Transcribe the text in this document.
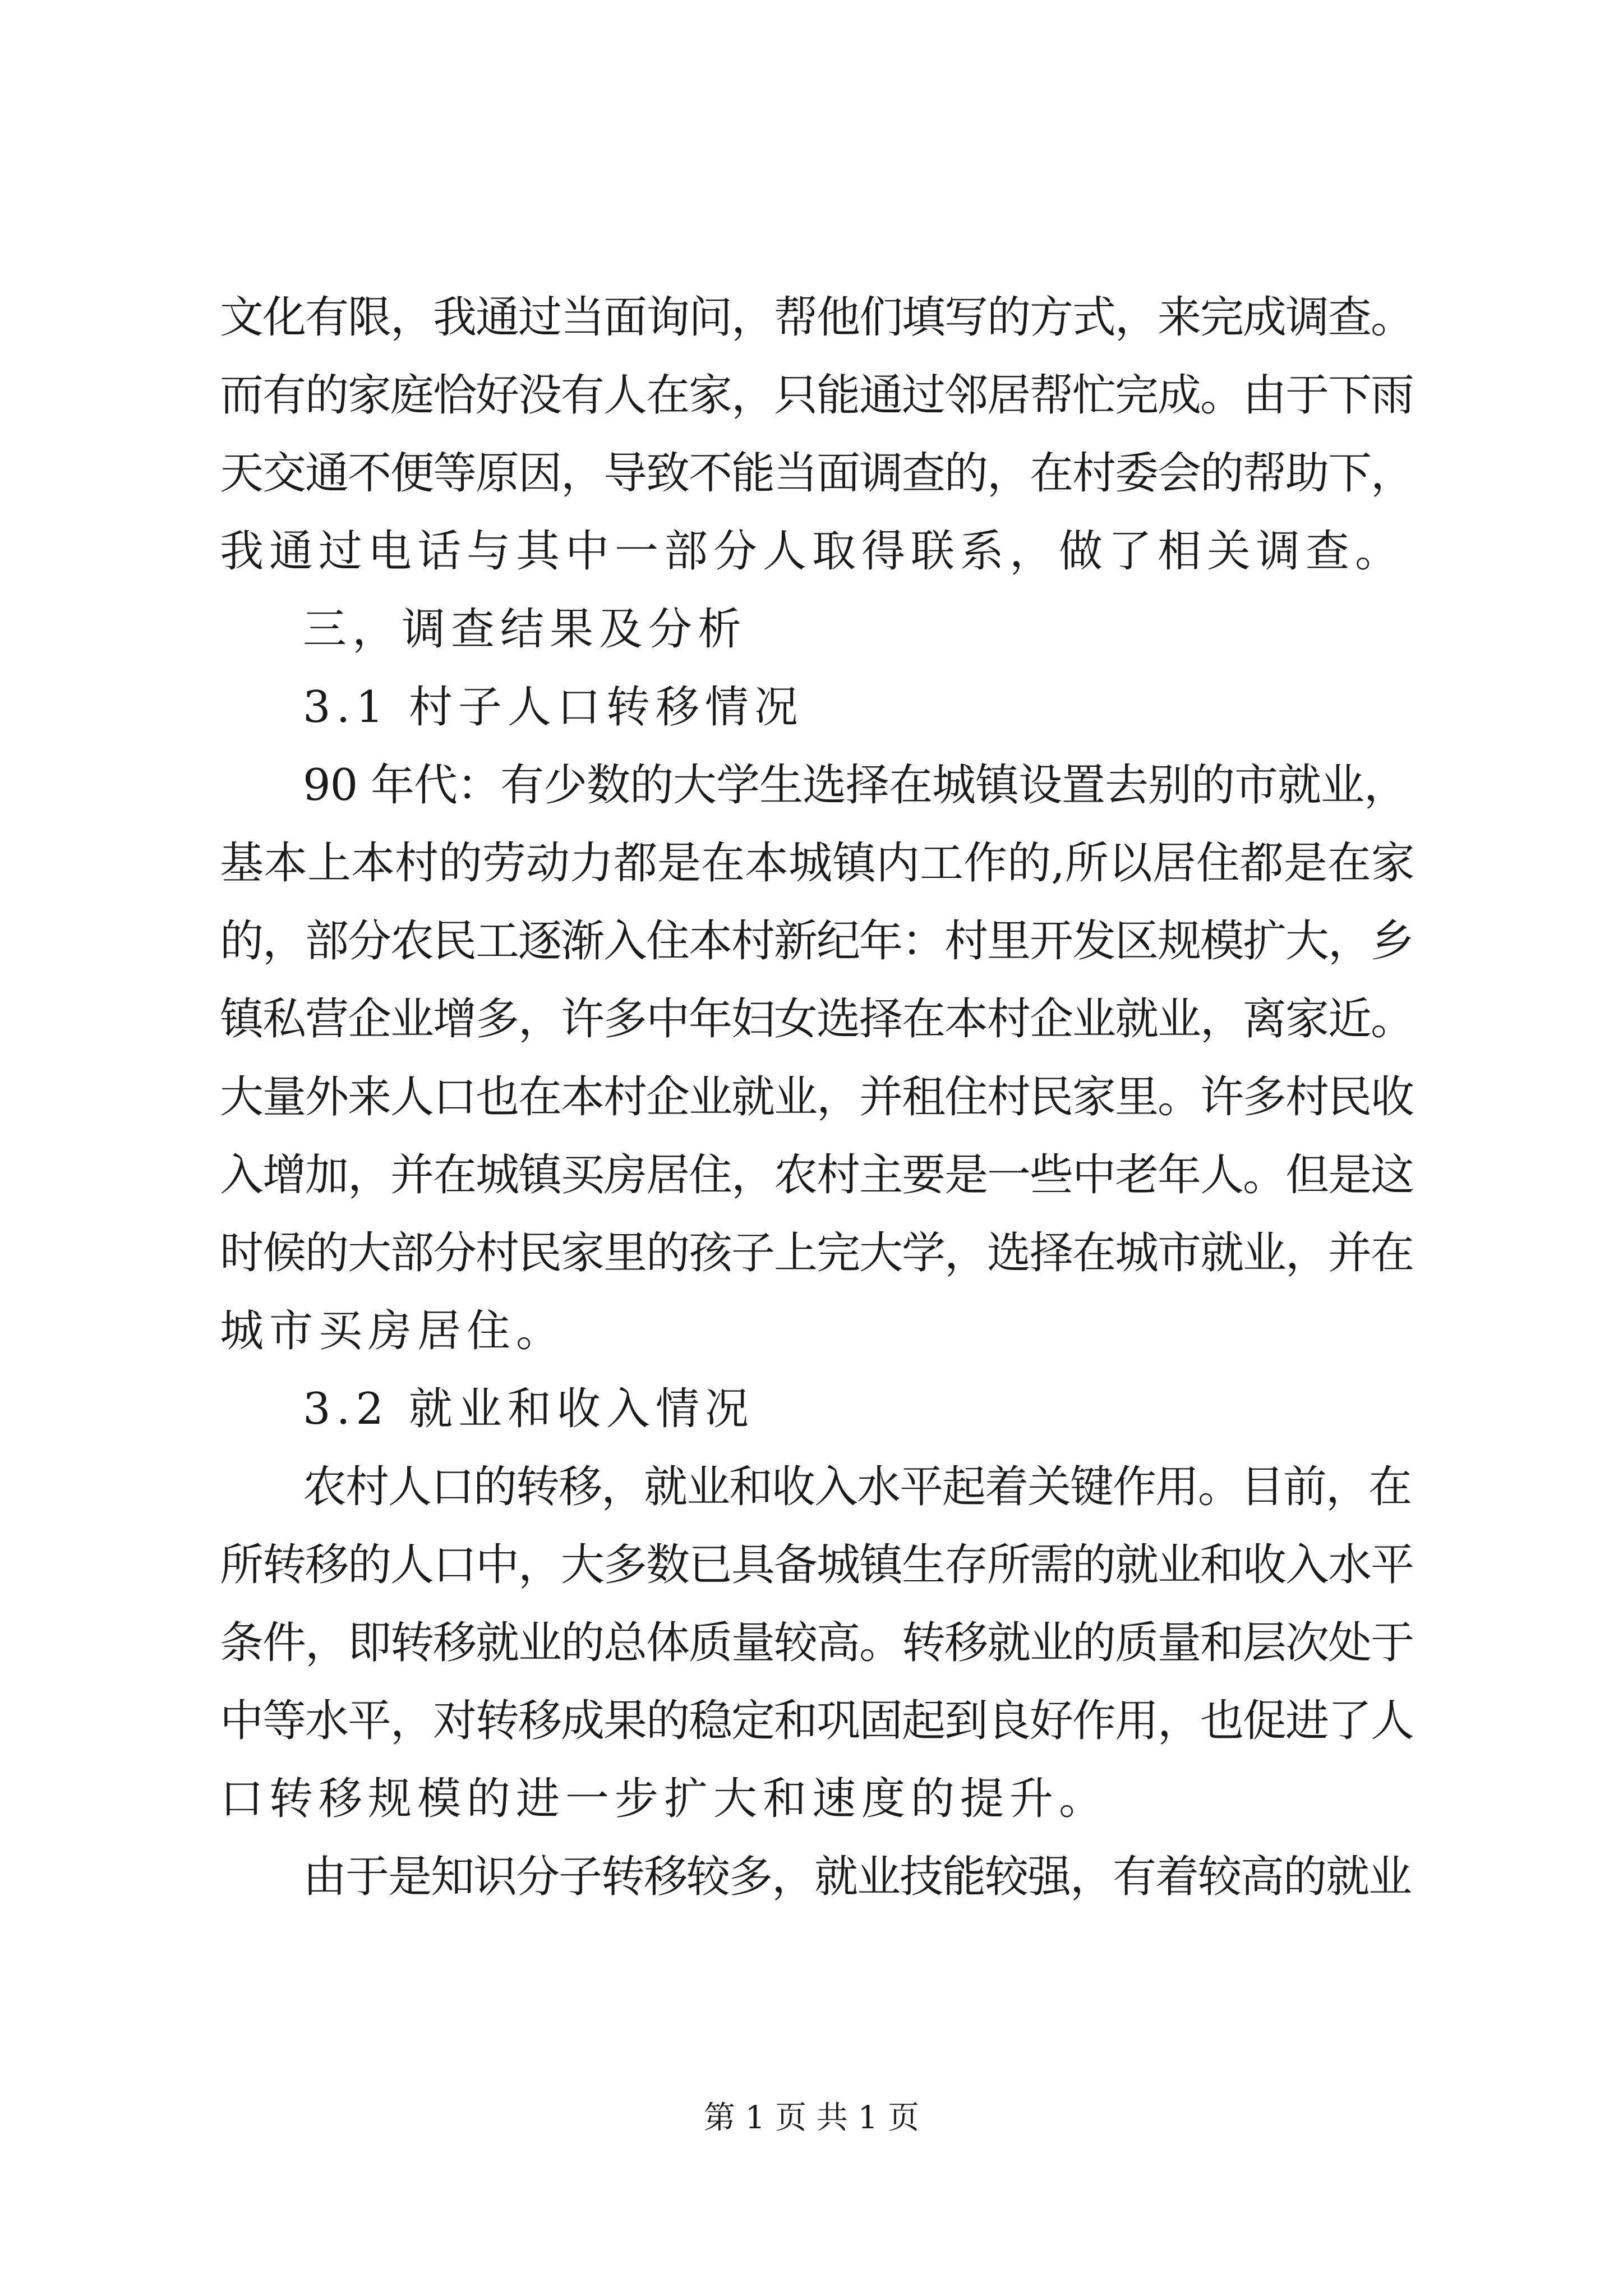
文化有限，我通过当面询问，帮他们填写的方式，来完成调查。
而有的家庭恰好没有人在家，只能通过邻居帮忙完成。由于下雨
天交通不便等原因，导致不能当面调查的，在村委会的帮助下，
我通过电话与其中一部分人取得联系，做了相关调查。
三，调查结果及分析
3.1 村子人口转移情况
90 年代：有少数的大学生选择在城镇设置去别的市就业，
基本上本村的劳动力都是在本城镇内工作的,所以居住都是在家
的，部分农民工逐渐入住本村新纪年：村里开发区规模扩大，乡
镇私营企业增多，许多中年妇女选择在本村企业就业，离家近。
大量外来人口也在本村企业就业，并租住村民家里。许多村民收
入增加，并在城镇买房居住，农村主要是一些中老年人。但是这
时候的大部分村民家里的孩子上完大学，选择在城市就业，并在
城市买房居住。
3.2 就业和收入情况
农村人口的转移，就业和收入水平起着关键作用。目前，在
所转移的人口中，大多数已具备城镇生存所需的就业和收入水平
条件，即转移就业的总体质量较高。转移就业的质量和层次处于
中等水平，对转移成果的稳定和巩固起到良好作用，也促进了人
口转移规模的进一步扩大和速度的提升。
由于是知识分子转移较多，就业技能较强，有着较高的就业
第 1 页 共 1 页
